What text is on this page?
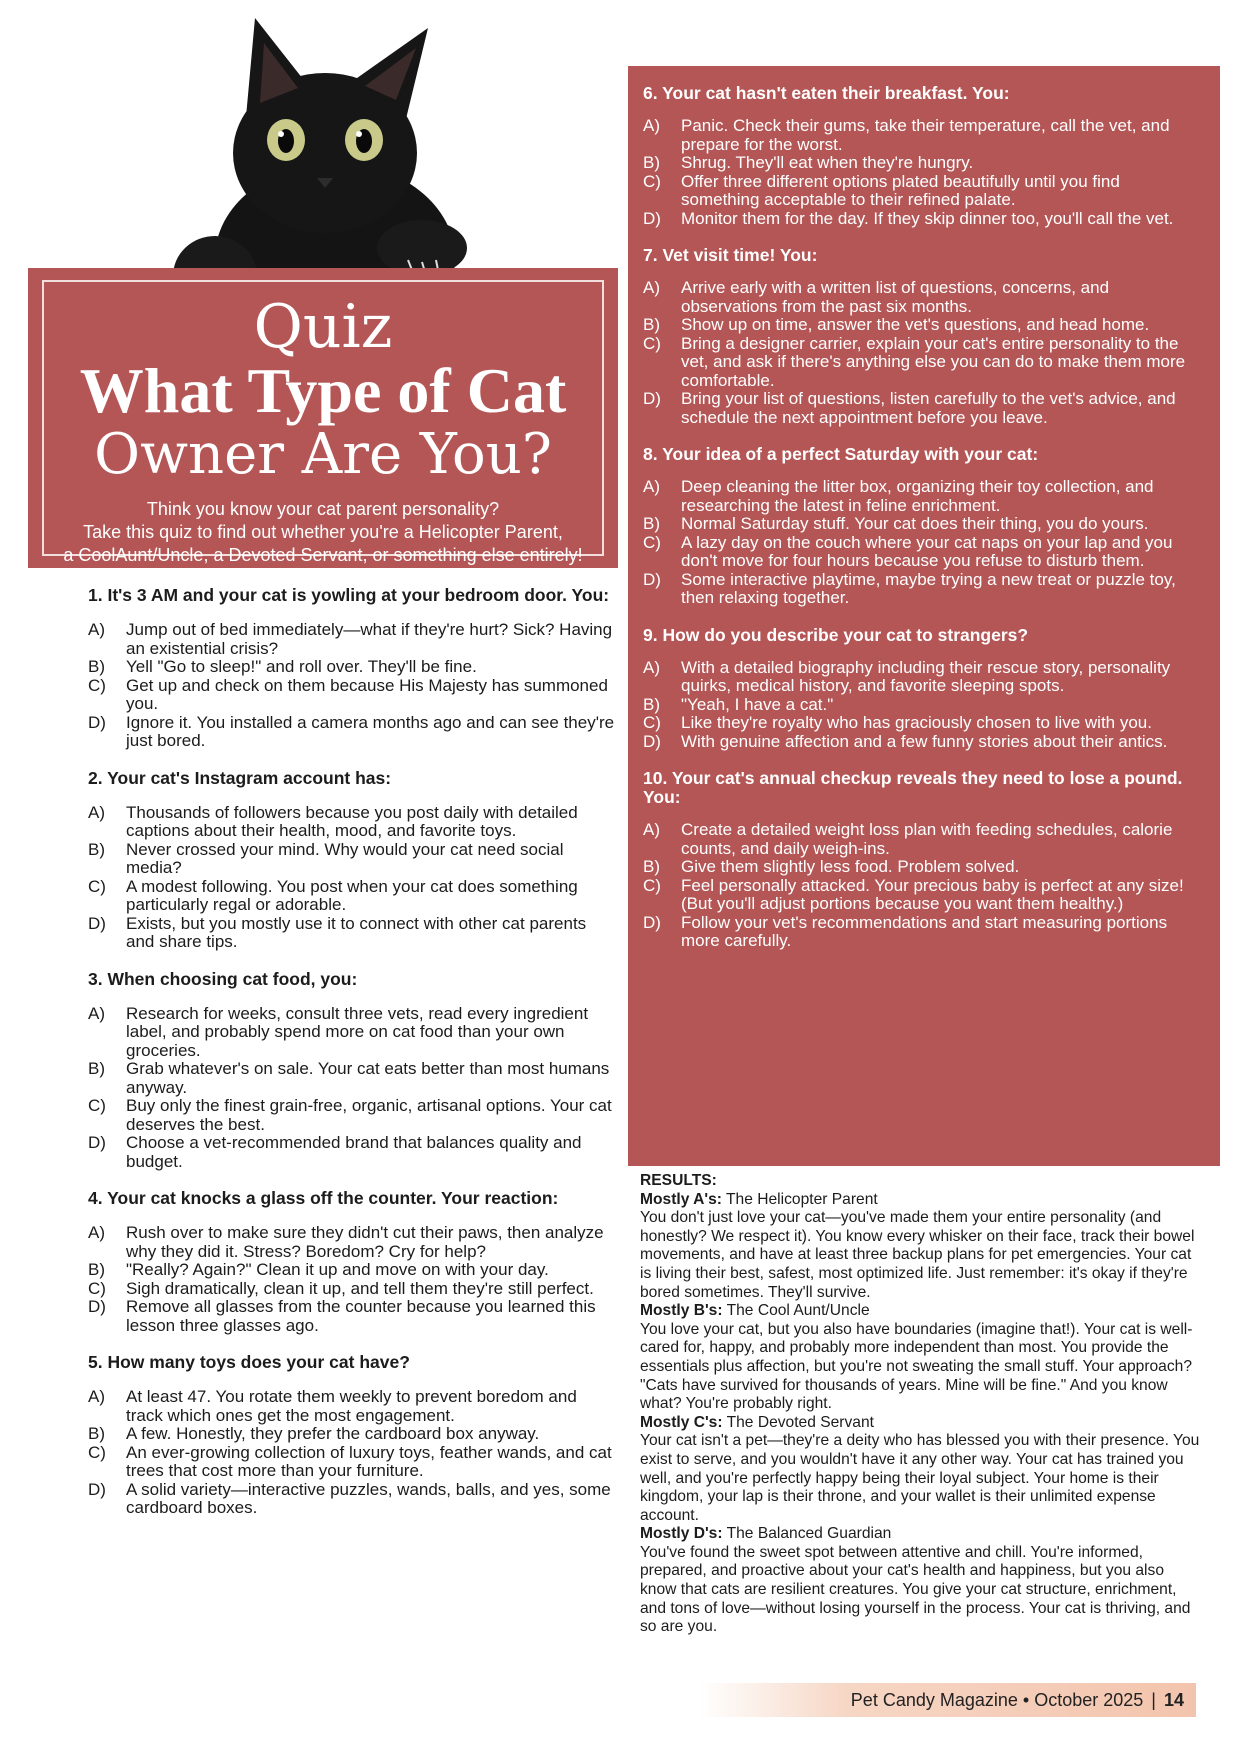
Quiz
What Type of Cat
Owner Are You?
Think you know your cat parent personality?
Take this quiz to find out whether you're a Helicopter Parent,
a CoolAunt/Uncle, a Devoted Servant, or something else entirely!
1. It's 3 AM and your cat is yowling at your bedroom door. You:
A)	Jump out of bed immediately—what if they're hurt? Sick? Having an existential crisis?
B)	Yell "Go to sleep!" and roll over. They'll be fine.
C)	Get up and check on them because His Majesty has summoned you.
D)	Ignore it. You installed a camera months ago and can see they're just bored.
2. Your cat's Instagram account has:
A)	Thousands of followers because you post daily with detailed captions about their health, mood, and favorite toys.
B)	Never crossed your mind. Why would your cat need social media?
C)	A modest following. You post when your cat does something particularly regal or adorable.
D)	Exists, but you mostly use it to connect with other cat parents and share tips.
3. When choosing cat food, you:
A)	Research for weeks, consult three vets, read every ingredient label, and probably spend more on cat food than your own groceries.
B)	Grab whatever's on sale. Your cat eats better than most humans anyway.
C)	Buy only the finest grain-free, organic, artisanal options. Your cat deserves the best.
D)	Choose a vet-recommended brand that balances quality and budget.
4. Your cat knocks a glass off the counter. Your reaction:
A)	Rush over to make sure they didn't cut their paws, then analyze why they did it. Stress? Boredom? Cry for help?
B)	"Really? Again?" Clean it up and move on with your day.
C)	Sigh dramatically, clean it up, and tell them they're still perfect.
D)	Remove all glasses from the counter because you learned this lesson three glasses ago.
5. How many toys does your cat have?
A)	At least 47. You rotate them weekly to prevent boredom and track which ones get the most engagement.
B)	A few. Honestly, they prefer the cardboard box anyway.
C)	An ever-growing collection of luxury toys, feather wands, and cat trees that cost more than your furniture.
D)	A solid variety—interactive puzzles, wands, balls, and yes, some cardboard boxes.
6. Your cat hasn't eaten their breakfast. You:
A)	Panic. Check their gums, take their temperature, call the vet, and prepare for the worst.
B)	Shrug. They'll eat when they're hungry.
C)	Offer three different options plated beautifully until you find something acceptable to their refined palate.
D)	Monitor them for the day. If they skip dinner too, you'll call the vet.
7. Vet visit time! You:
A)	Arrive early with a written list of questions, concerns, and observations from the past six months.
B)	Show up on time, answer the vet's questions, and head home.
C)	Bring a designer carrier, explain your cat's entire personality to the vet, and ask if there's anything else you can do to make them more comfortable.
D)	Bring your list of questions, listen carefully to the vet's advice, and schedule the next appointment before you leave.
8. Your idea of a perfect Saturday with your cat:
A)	Deep cleaning the litter box, organizing their toy collection, and researching the latest in feline enrichment.
B)	Normal Saturday stuff. Your cat does their thing, you do yours.
C)	A lazy day on the couch where your cat naps on your lap and you don't move for four hours because you refuse to disturb them.
D)	Some interactive playtime, maybe trying a new treat or puzzle toy, then relaxing together.
9. How do you describe your cat to strangers?
A)	With a detailed biography including their rescue story, personality quirks, medical history, and favorite sleeping spots.
B)	"Yeah, I have a cat."
C)	Like they're royalty who has graciously chosen to live with you.
D)	With genuine affection and a few funny stories about their antics.
10. Your cat's annual checkup reveals they need to lose a pound. You:
A)	Create a detailed weight loss plan with feeding schedules, calorie counts, and daily weigh-ins.
B)	Give them slightly less food. Problem solved.
C)	Feel personally attacked. Your precious baby is perfect at any size! (But you'll adjust portions because you want them healthy.)
D)	Follow your vet's recommendations and start measuring portions more carefully.
RESULTS:
Mostly A's: The Helicopter Parent
You don't just love your cat—you've made them your entire personality (and honestly? We respect it). You know every whisker on their face, track their bowel movements, and have at least three backup plans for pet emergencies. Your cat is living their best, safest, most optimized life. Just remember: it's okay if they're bored sometimes. They'll survive.
Mostly B's: The Cool Aunt/Uncle
You love your cat, but you also have boundaries (imagine that!). Your cat is well-cared for, happy, and probably more independent than most. You provide the essentials plus affection, but you're not sweating the small stuff. Your approach? "Cats have survived for thousands of years. Mine will be fine." And you know what? You're probably right.
Mostly C's: The Devoted Servant
Your cat isn't a pet—they're a deity who has blessed you with their presence. You exist to serve, and you wouldn't have it any other way. Your cat has trained you well, and you're perfectly happy being their loyal subject. Your home is their kingdom, your lap is their throne, and your wallet is their unlimited expense account.
Mostly D's: The Balanced Guardian
You've found the sweet spot between attentive and chill. You're informed, prepared, and proactive about your cat's health and happiness, but you also know that cats are resilient creatures. You give your cat structure, enrichment, and tons of love—without losing yourself in the process. Your cat is thriving, and so are you.
Pet Candy Magazine • October 2025 | 14
